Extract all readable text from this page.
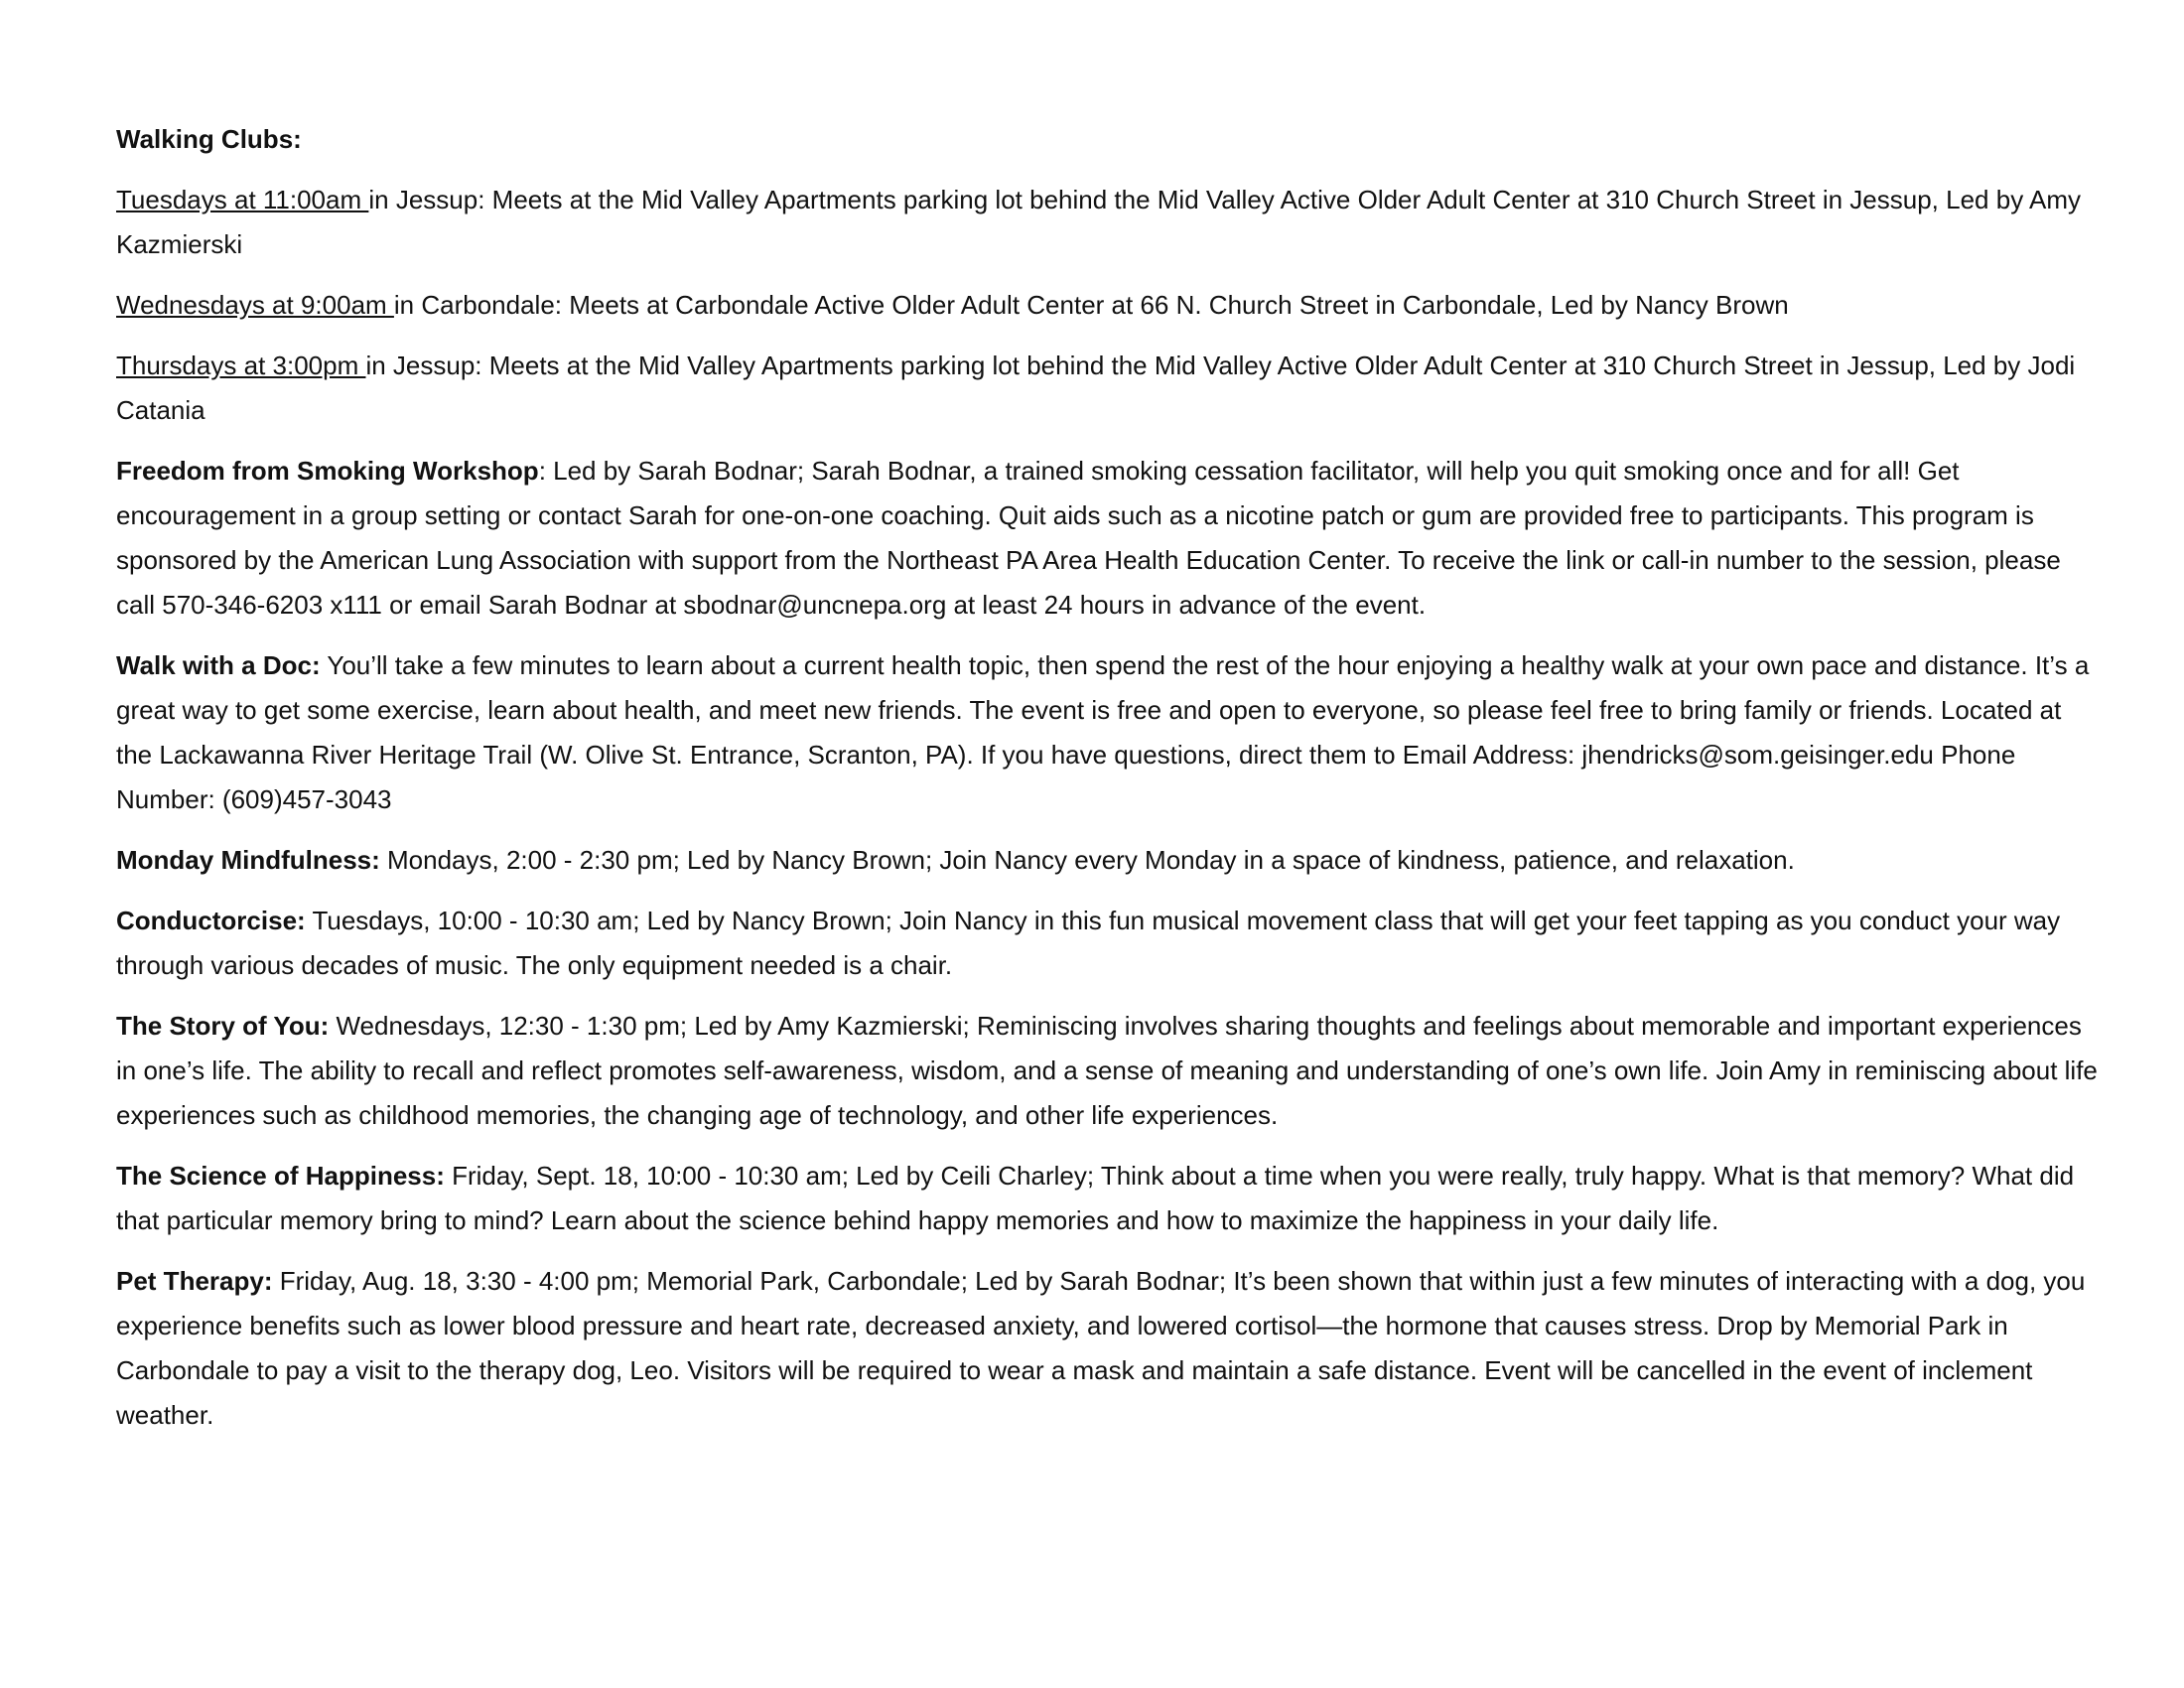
Walking Clubs:

Tuesdays at 11:00am in Jessup: Meets at the Mid Valley Apartments parking lot behind the Mid Valley Active Older Adult Center at 310 Church Street in Jessup, Led by Amy Kazmierski

Wednesdays at 9:00am in Carbondale: Meets at Carbondale Active Older Adult Center at 66 N. Church Street in Carbondale, Led by Nancy Brown

Thursdays at 3:00pm in Jessup: Meets at the Mid Valley Apartments parking lot behind the Mid Valley Active Older Adult Center at 310 Church Street in Jessup, Led by Jodi Catania

Freedom from Smoking Workshop: Led by Sarah Bodnar; Sarah Bodnar, a trained smoking cessation facilitator, will help you quit smoking once and for all! Get encouragement in a group setting or contact Sarah for one-on-one coaching. Quit aids such as a nicotine patch or gum are provided free to participants. This program is sponsored by the American Lung Association with support from the Northeast PA Area Health Education Center. To receive the link or call-in number to the session, please call 570-346-6203 x111 or email Sarah Bodnar at sbodnar@uncnepa.org at least 24 hours in advance of the event.

Walk with a Doc: You’ll take a few minutes to learn about a current health topic, then spend the rest of the hour enjoying a healthy walk at your own pace and distance. It’s a great way to get some exercise, learn about health, and meet new friends. The event is free and open to everyone, so please feel free to bring family or friends. Located at the Lackawanna River Heritage Trail (W. Olive St. Entrance, Scranton, PA). If you have questions, direct them to Email Address: jhendricks@som.geisinger.edu Phone Number: (609)457-3043

Monday Mindfulness: Mondays, 2:00 - 2:30 pm; Led by Nancy Brown; Join Nancy every Monday in a space of kindness, patience, and relaxation.

Conductorcise: Tuesdays, 10:00 - 10:30 am; Led by Nancy Brown; Join Nancy in this fun musical movement class that will get your feet tapping as you conduct your way through various decades of music. The only equipment needed is a chair.

The Story of You: Wednesdays, 12:30 - 1:30 pm; Led by Amy Kazmierski; Reminiscing involves sharing thoughts and feelings about memorable and important experiences in one’s life. The ability to recall and reflect promotes self-awareness, wisdom, and a sense of meaning and understanding of one’s own life. Join Amy in reminiscing about life experiences such as childhood memories, the changing age of technology, and other life experiences.

The Science of Happiness: Friday, Sept. 18, 10:00 - 10:30 am; Led by Ceili Charley; Think about a time when you were really, truly happy. What is that memory? What did that particular memory bring to mind? Learn about the science behind happy memories and how to maximize the happiness in your daily life.

Pet Therapy: Friday, Aug. 18, 3:30 - 4:00 pm; Memorial Park, Carbondale; Led by Sarah Bodnar; It’s been shown that within just a few minutes of interacting with a dog, you experience benefits such as lower blood pressure and heart rate, decreased anxiety, and lowered cortisol—the hormone that causes stress. Drop by Memorial Park in Carbondale to pay a visit to the therapy dog, Leo. Visitors will be required to wear a mask and maintain a safe distance. Event will be cancelled in the event of inclement weather.
